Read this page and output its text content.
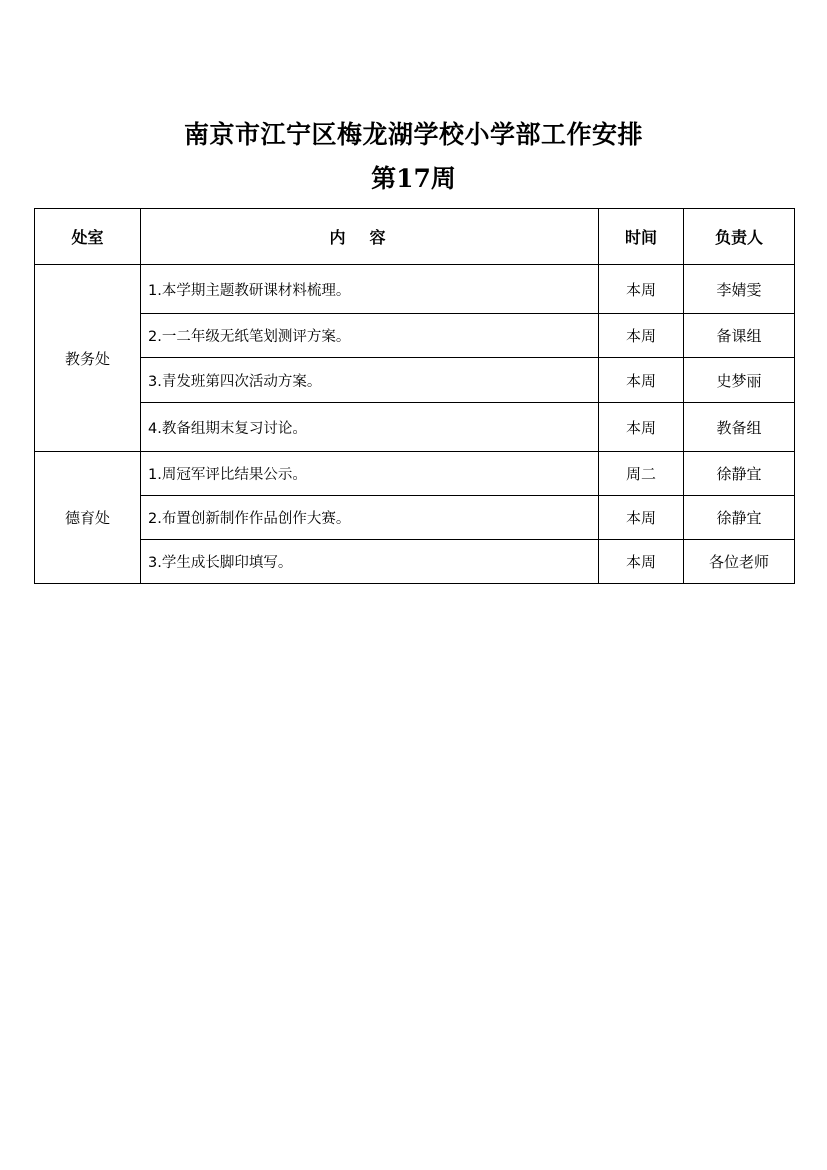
南京市江宁区梅龙湖学校小学部工作安排
第17周
处室	内容	时间	负责人
教务处	1.本学期主题教研课材料梳理。	本周	李婧雯
	2.一二年级无纸笔划测评方案。	本周	备课组
	3.青发班第四次活动方案。	本周	史梦丽
	4.教备组期末复习讨论。	本周	教备组
德育处	1.周冠军评比结果公示。	周二	徐静宜
	2.布置创新制作作品创作大赛。	本周	徐静宜
	3.学生成长脚印填写。	本周	各位老师
